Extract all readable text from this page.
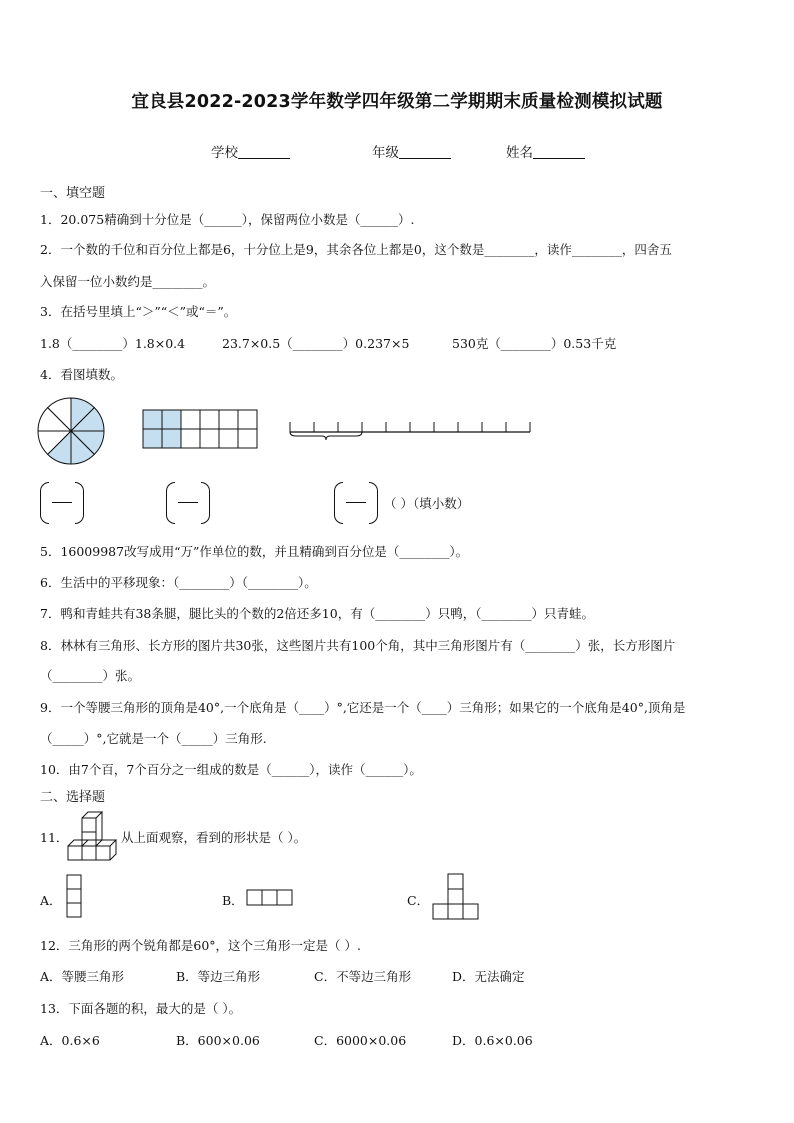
宜良县2022-2023学年数学四年级第二学期期末质量检测模拟试题
学校	年级	姓名
一、填空题
1．20.075精确到十分位是（______），保留两位小数是（______）.
2．一个数的千位和百分位上都是6，十分位上是9，其余各位上都是0，这个数是________，读作________，四舍五
入保留一位小数约是________。
3．在括号里填上“＞”“＜”或“＝”。
1.8（________）1.8×0.4	23.7×0.5（________）0.237×5	530克（________）0.53千克
4．看图填数。
（ ）（填小数）
5．16009987改写成用“万”作单位的数，并且精确到百分位是（________）。
6．生活中的平移现象：（________）（________）。
7．鸭和青蛙共有38条腿，腿比头的个数的2倍还多10，有（________）只鸭，（________）只青蛙。
8．林林有三角形、长方形的图片共30张，这些图片共有100个角，其中三角形图片有（________）张，长方形图片
（________）张。
9．一个等腰三角形的顶角是40°,一个底角是（____）°,它还是一个（____）三角形；如果它的一个底角是40°,顶角是
（_____）°,它就是一个（_____）三角形.
10．由7个百，7个百分之一组成的数是（______），读作（______）。
二、选择题
11．	从上面观察，看到的形状是（ ）。
A．	B．	C．
12．三角形的两个锐角都是60°，这个三角形一定是（ ）.
A．等腰三角形	B．等边三角形	C．不等边三角形	D．无法确定
13．下面各题的积，最大的是（ ）。
A．0.6×6	B．600×0.06	C．6000×0.06	D．0.6×0.06
